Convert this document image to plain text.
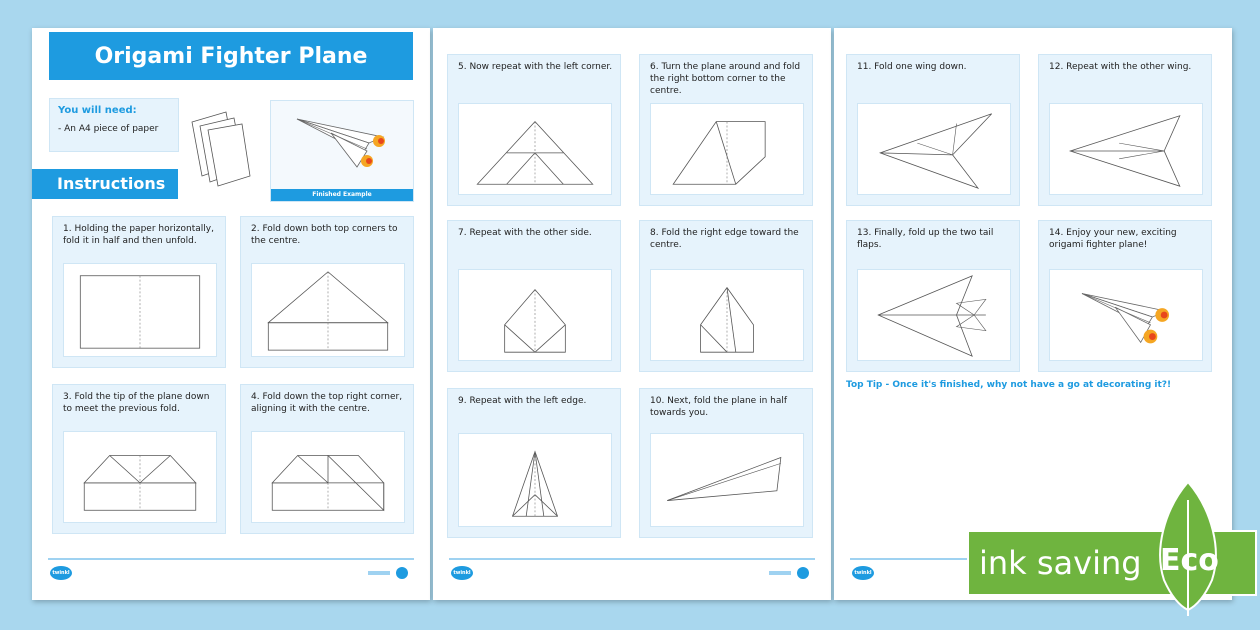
Origami Fighter Plane
You will need:
- An A4 piece of paper
Finished Example
Instructions
1. Holding the paper horizontally, fold it in half and then unfold.
2. Fold down both top corners to the centre.
3. Fold the tip of the plane down to meet the previous fold.
4. Fold down the top right corner, aligning it with the centre.
twinkl
5. Now repeat with the left corner.	6. Turn the plane around and fold the right bottom corner to the centre.
7. Repeat with the other side.	8. Fold the right edge toward the centre.
9. Repeat with the left edge.	10. Next, fold the plane in half towards you.
twinkl
11. Fold one wing down.	12. Repeat with the other wing.
13. Finally, fold up the two tail flaps.
14. Enjoy your new, exciting origami fighter plane!
Top Tip - Once it's finished, why not have a go at decorating it?!
twinkl	ink saving Eco
